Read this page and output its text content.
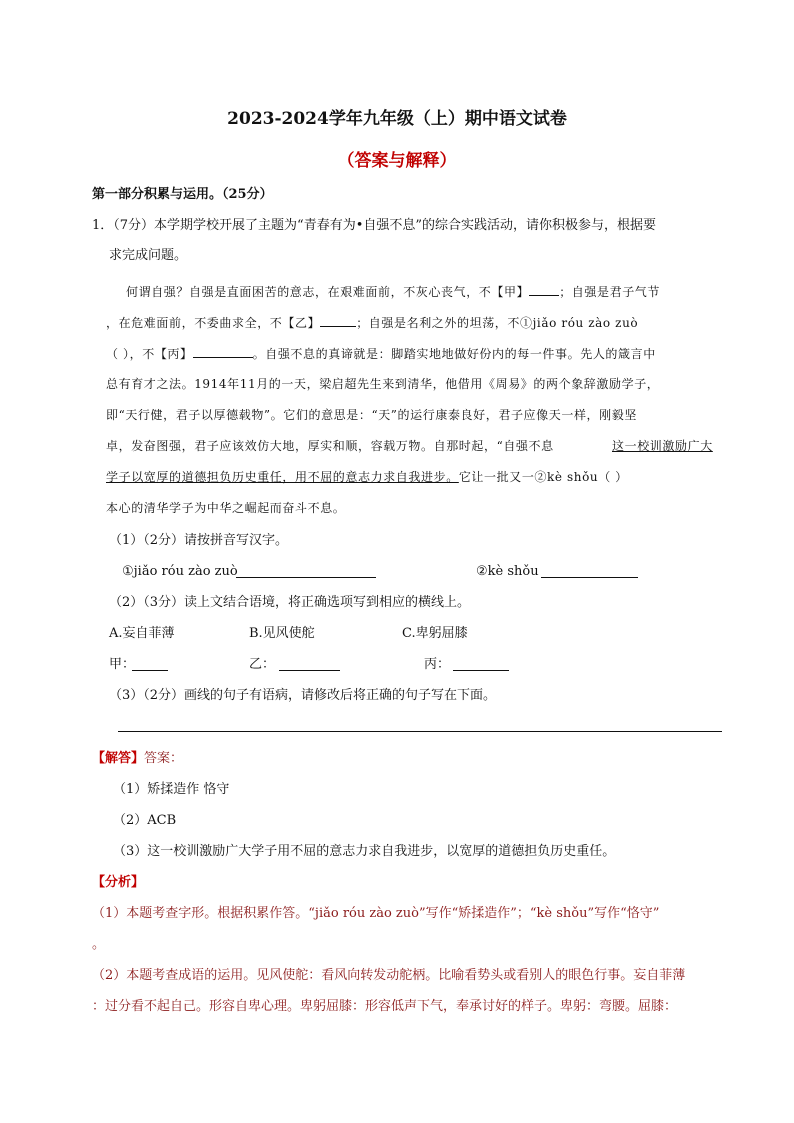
2023-2024学年九年级（上）期中语文试卷
（答案与解释）
第一部分积累与运用。（25分）
1．（7分）本学期学校开展了主题为“青春有为•自强不息”的综合实践活动，请你积极参与，根据要
求完成问题。
何谓自强？自强是直面困苦的意志，在艰难面前，不灰心丧气，不【甲】	；自强是君子气节
，在危难面前，不委曲求全，不【乙】	；自强是名利之外的坦荡，不①jiǎo róu zào zuò
（ ），不【丙】	。自强不息的真谛就是：脚踏实地地做好份内的每一件事。先人的箴言中
总有育才之法。1914年11月的一天，梁启超先生来到清华，他借用《周易》的两个象辞激励学子，
即“天行健，君子以厚德载物”。它们的意思是：“天”的运行康泰良好，君子应像天一样，刚毅坚
卓，发奋图强，君子应该效仿大地，厚实和顺，容载万物。自那时起，“自强不息
学子以宽厚的道德担负历史重任，用不屈的意志力求自我进步。它让一批又一②kè shǒu（ ）
这一校训激励广大
本心的清华学子为中华之崛起而奋斗不息。
（1）（2分）请按拼音写汉字。
①jiǎo róu zào zuò	②kè shǒu
（2）（3分）读上文结合语境，将正确选项写到相应的横线上。
A.妄自菲薄	B.见风使舵	C.卑躬屈膝
甲：	乙：	丙：
（3）（2分）画线的句子有语病，请修改后将正确的句子写在下面。
【解答】答案：
（1）矫揉造作 恪守
（2）ACB
（3）这一校训激励广大学子用不屈的意志力求自我进步，以宽厚的道德担负历史重任。
【分析】
（1）本题考查字形。根据积累作答。“jiǎo róu zào zuò”写作“矫揉造作”；“kè shǒu”写作“恪守”
。
（2）本题考查成语的运用。见风使舵：看风向转发动舵柄。比喻看势头或看别人的眼色行事。妄自菲薄
：过分看不起自己。形容自卑心理。卑躬屈膝：形容低声下气，奉承讨好的样子。卑躬：弯腰。屈膝：
